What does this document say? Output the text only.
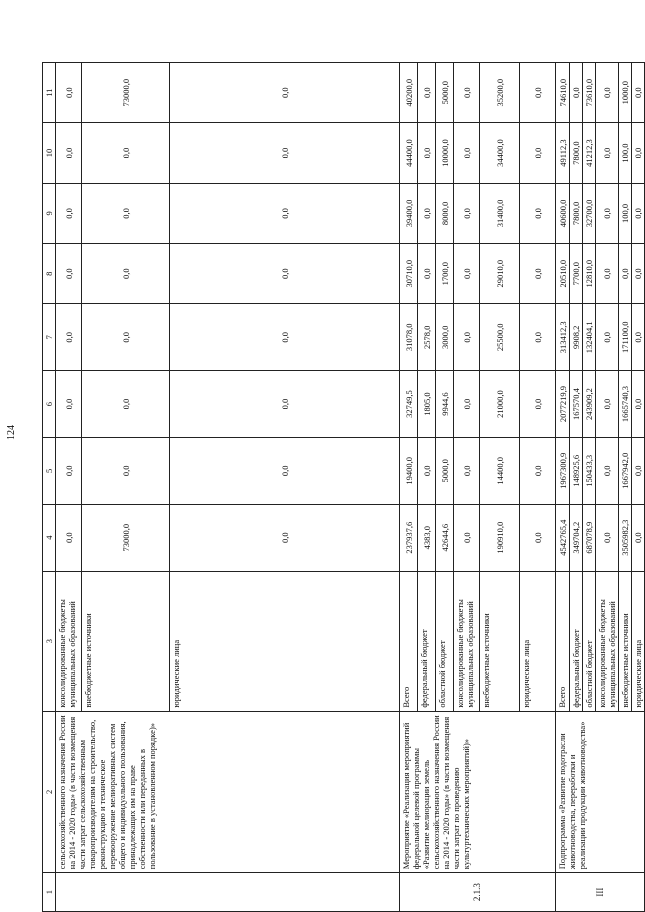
124
1	2	3	4	5	6	7	8	9	10	11
	сельскохозяйственного назначения России на 2014 - 2020 годы» (в части возмещения части затрат сельскохозяйственным товаропроизводителям на строительство, реконструкцию и техническое перевооружение мелиоративных систем общего и индивидуального пользования, принадлежащих им на праве собственности или переданных в пользование в установленном порядке)»	консолидированные бюджеты муниципальных образований	0,0	0,0	0,0	0,0	0,0	0,0	0,0	0,0
		внебюджетные источники	73000,0	0,0	0,0	0,0	0,0	0,0	0,0	73000,0
		юридические лица	0,0	0,0	0,0	0,0	0,0	0,0	0,0	0,0
2.1.3	Мероприятие «Реализация мероприятий федеральной целевой программы «Развитие мелиорации земель сельскохозяйственного назначения России на 2014 - 2020 годы» (в части возмещения части затрат по проведению культуртехнических мероприятий)»	Всего	237937,6	19400,0	32749,5	31078,0	30710,0	39400,0	44400,0	40200,0
		федеральный бюджет	4383,0	0,0	1805,0	2578,0	0,0	0,0	0,0	0,0
		областной бюджет	42644,6	5000,0	9944,6	3000,0	1700,0	8000,0	10000,0	5000,0
		консолидированные бюджеты муниципальных образований	0,0	0,0	0,0	0,0	0,0	0,0	0,0	0,0
		внебюджетные источники	190910,0	14400,0	21000,0	25500,0	29010,0	31400,0	34400,0	35200,0
		юридические лица	0,0	0,0	0,0	0,0	0,0	0,0	0,0	0,0
III	Подпрограмма «Развитие подотрасли животноводства, переработки и реализации продукции животноводства»	Всего	4542765,4	1967300,9	2077219,9	313412,3	20510,0	40600,0	49112,3	74610,0
		федеральный бюджет	349704,2	148925,6	167570,4	9908,2	7700,0	7800,0	7800,0	0,0
		областной бюджет	687078,9	150433,3	243909,2	132404,1	12810,0	32700,0	41212,3	73610,0
		консолидированные бюджеты муниципальных образований	0,0	0,0	0,0	0,0	0,0	0,0	0,0	0,0
		внебюджетные источники	3505982,3	1667942,0	1665740,3	171100,0	0,0	100,0	100,0	1000,0
		юридические лица	0,0	0,0	0,0	0,0	0,0	0,0	0,0	0,0
